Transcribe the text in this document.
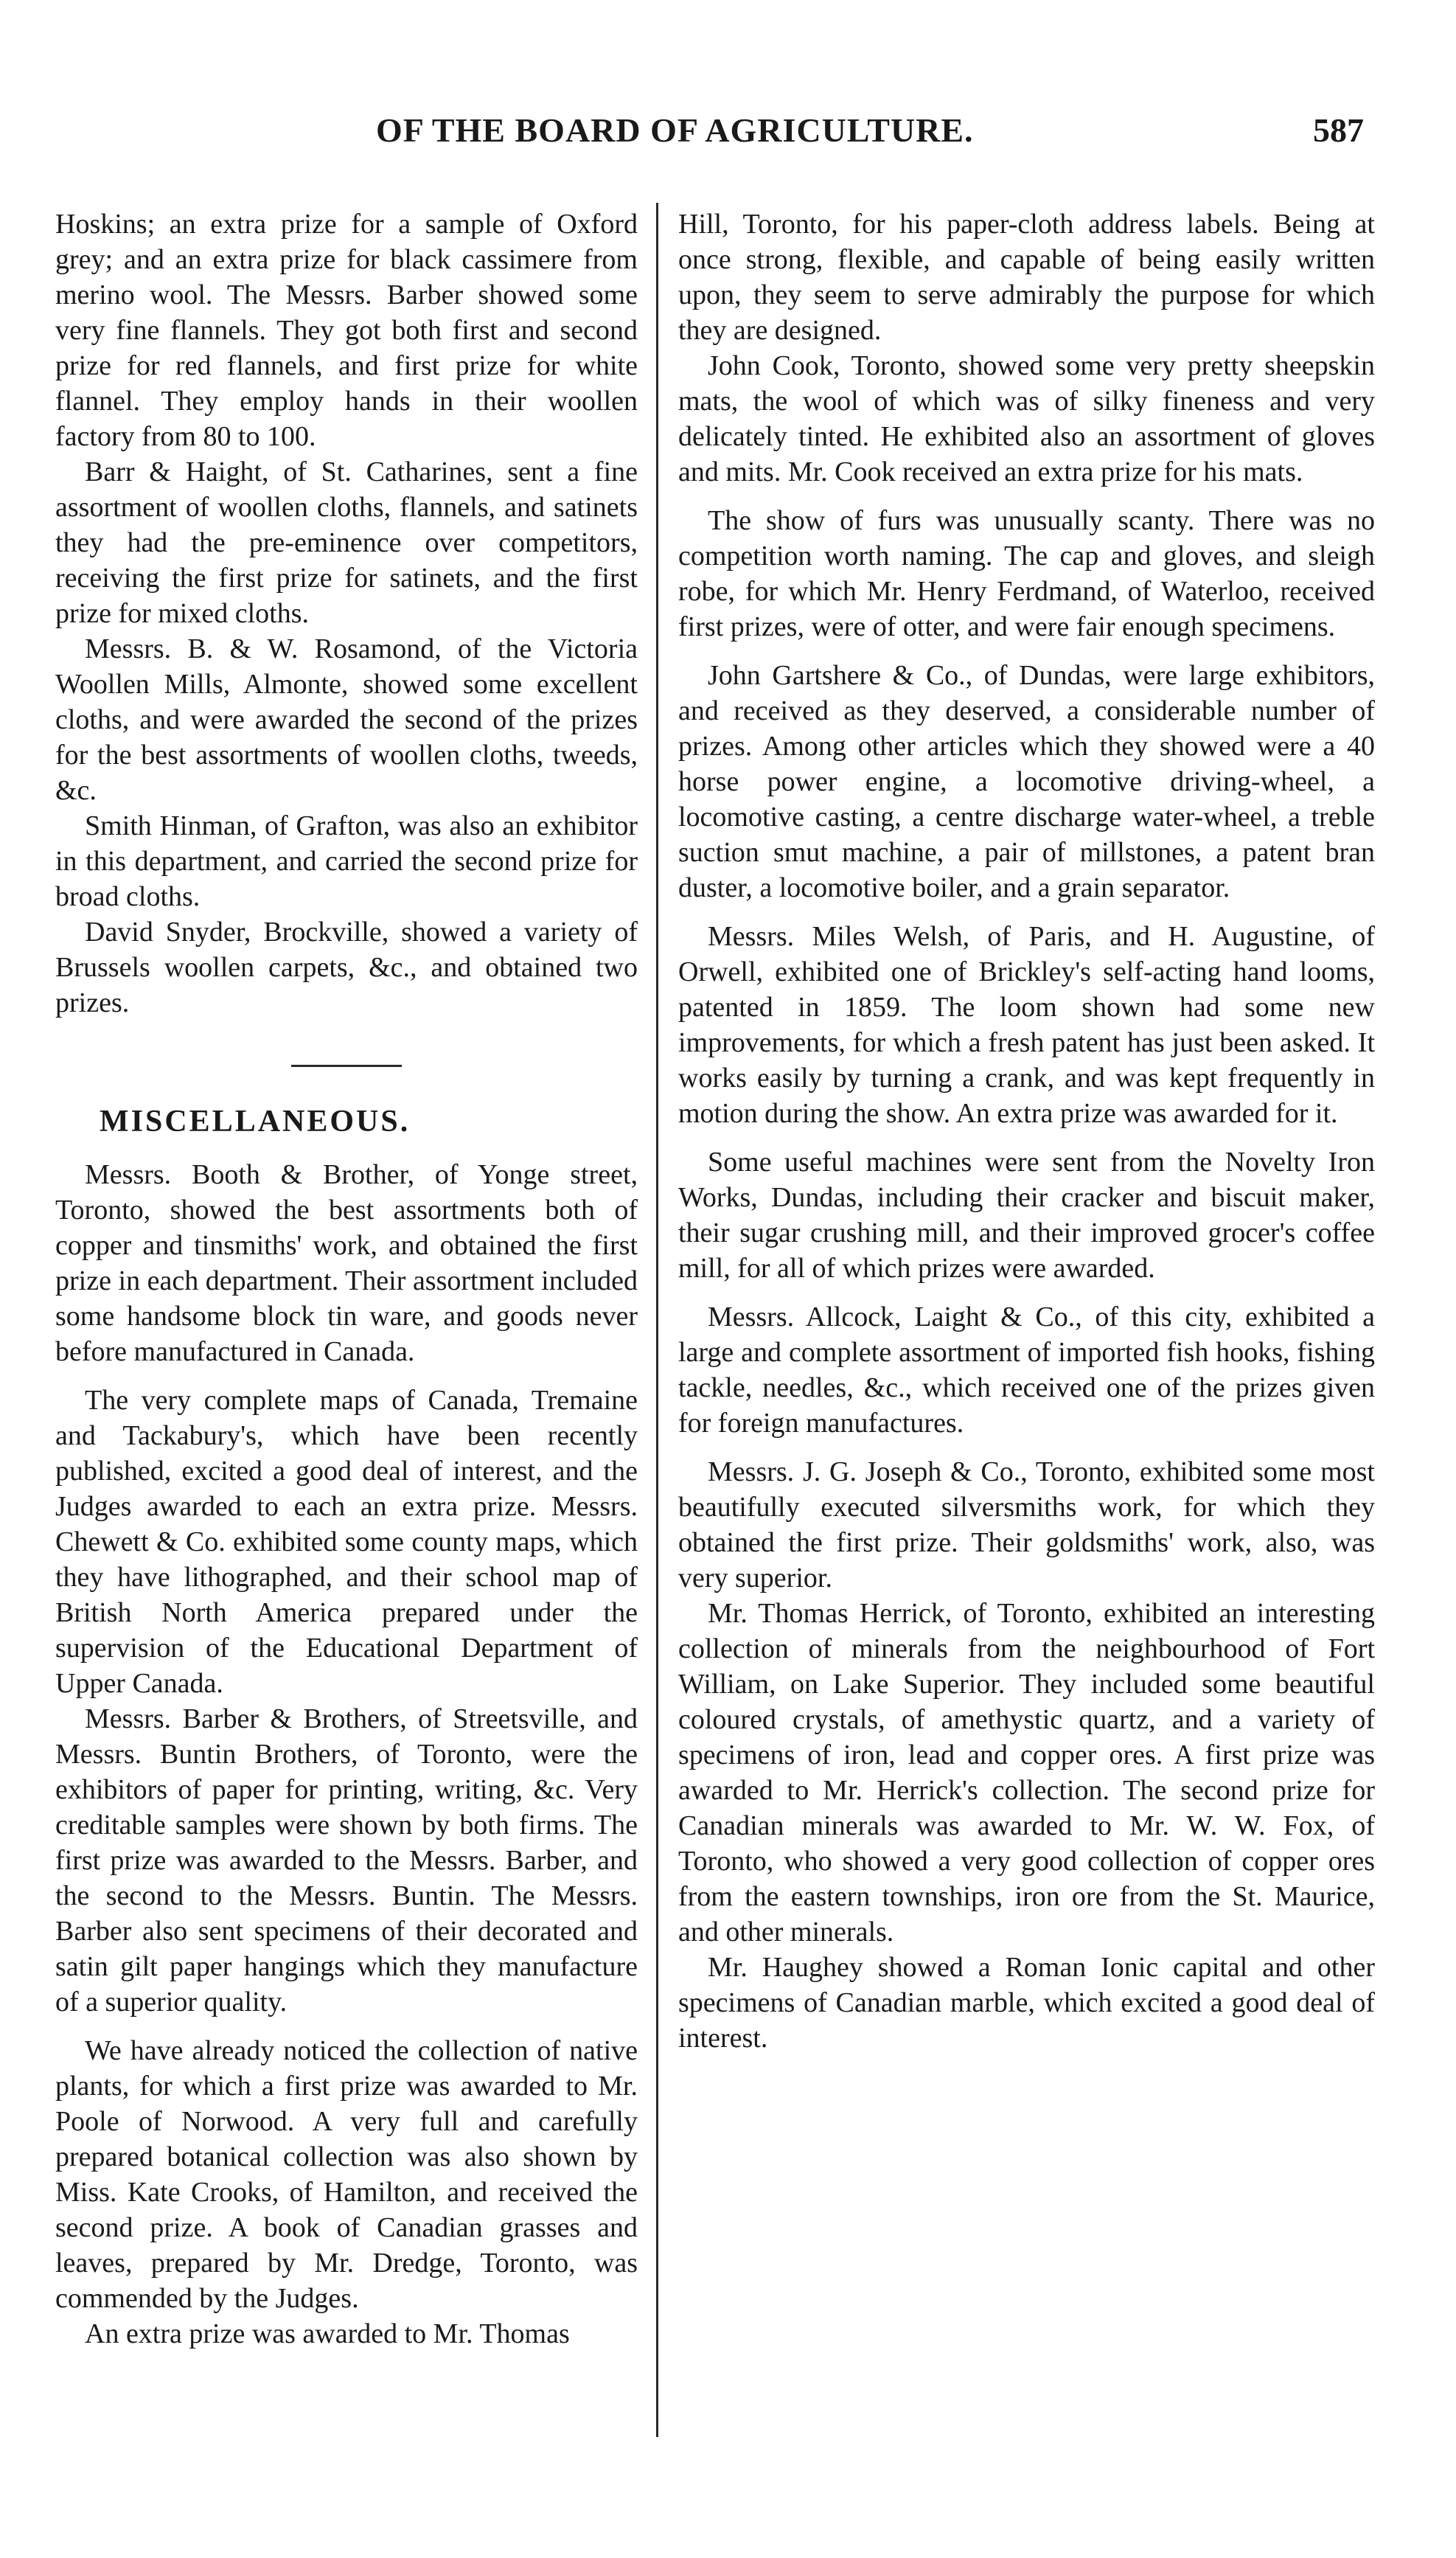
OF THE BOARD OF AGRICULTURE.	587

Hoskins; an extra prize for a sample of Oxford grey; and an extra prize for black cassimere from merino wool. The Messrs. Barber showed some very fine flannels. They got both first and second prize for red flannels, and first prize for white flannel. They employ hands in their woollen factory from 80 to 100.

Barr & Haight, of St. Catharines, sent a fine assortment of woollen cloths, flannels, and satinets they had the pre-eminence over competitors, receiving the first prize for satinets, and the first prize for mixed cloths.

Messrs. B. & W. Rosamond, of the Victoria Woollen Mills, Almonte, showed some excellent cloths, and were awarded the second of the prizes for the best assortments of woollen cloths, tweeds, &c.

Smith Hinman, of Grafton, was also an exhibitor in this department, and carried the second prize for broad cloths.

David Snyder, Brockville, showed a variety of Brussels woollen carpets, &c., and obtained two prizes.

MISCELLANEOUS.

Messrs. Booth & Brother, of Yonge street, Toronto, showed the best assortments both of copper and tinsmiths' work, and obtained the first prize in each department. Their assortment included some handsome block tin ware, and goods never before manufactured in Canada.

The very complete maps of Canada, Tremaine and Tackabury's, which have been recently published, excited a good deal of interest, and the Judges awarded to each an extra prize. Messrs. Chewett & Co. exhibited some county maps, which they have lithographed, and their school map of British North America prepared under the supervision of the Educational Department of Upper Canada.

Messrs. Barber & Brothers, of Streetsville, and Messrs. Buntin Brothers, of Toronto, were the exhibitors of paper for printing, writing, &c. Very creditable samples were shown by both firms. The first prize was awarded to the Messrs. Barber, and the second to the Messrs. Buntin. The Messrs. Barber also sent specimens of their decorated and satin gilt paper hangings which they manufacture of a superior quality.

We have already noticed the collection of native plants, for which a first prize was awarded to Mr. Poole of Norwood. A very full and carefully prepared botanical collection was also shown by Miss. Kate Crooks, of Hamilton, and received the second prize. A book of Canadian grasses and leaves, prepared by Mr. Dredge, Toronto, was commended by the Judges.

An extra prize was awarded to Mr. Thomas

Hill, Toronto, for his paper-cloth address labels. Being at once strong, flexible, and capable of being easily written upon, they seem to serve admirably the purpose for which they are designed.

John Cook, Toronto, showed some very pretty sheepskin mats, the wool of which was of silky fineness and very delicately tinted. He exhibited also an assortment of gloves and mits. Mr. Cook received an extra prize for his mats.

The show of furs was unusually scanty. There was no competition worth naming. The cap and gloves, and sleigh robe, for which Mr. Henry Ferdmand, of Waterloo, received first prizes, were of otter, and were fair enough specimens.

John Gartshere & Co., of Dundas, were large exhibitors, and received as they deserved, a considerable number of prizes. Among other articles which they showed were a 40 horse power engine, a locomotive driving-wheel, a locomotive casting, a centre discharge water-wheel, a treble suction smut machine, a pair of millstones, a patent bran duster, a locomotive boiler, and a grain separator.

Messrs. Miles Welsh, of Paris, and H. Augustine, of Orwell, exhibited one of Brickley's self-acting hand looms, patented in 1859. The loom shown had some new improvements, for which a fresh patent has just been asked. It works easily by turning a crank, and was kept frequently in motion during the show. An extra prize was awarded for it.

Some useful machines were sent from the Novelty Iron Works, Dundas, including their cracker and biscuit maker, their sugar crushing mill, and their improved grocer's coffee mill, for all of which prizes were awarded.

Messrs. Allcock, Laight & Co., of this city, exhibited a large and complete assortment of imported fish hooks, fishing tackle, needles, &c., which received one of the prizes given for foreign manufactures.

Messrs. J. G. Joseph & Co., Toronto, exhibited some most beautifully executed silversmiths work, for which they obtained the first prize. Their goldsmiths' work, also, was very superior.

Mr. Thomas Herrick, of Toronto, exhibited an interesting collection of minerals from the neighbourhood of Fort William, on Lake Superior. They included some beautiful coloured crystals, of amethystic quartz, and a variety of specimens of iron, lead and copper ores. A first prize was awarded to Mr. Herrick's collection. The second prize for Canadian minerals was awarded to Mr. W. W. Fox, of Toronto, who showed a very good collection of copper ores from the eastern townships, iron ore from the St. Maurice, and other minerals.

Mr. Haughey showed a Roman Ionic capital and other specimens of Canadian marble, which excited a good deal of interest.
